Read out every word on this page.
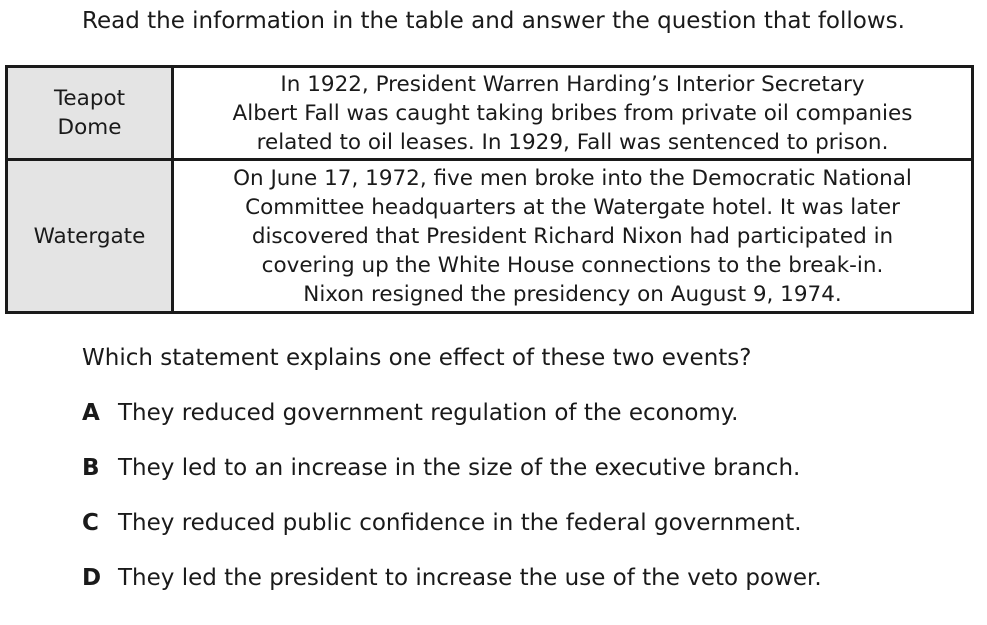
Read the information in the table and answer the question that follows.
Teapot Dome	In 1922, President Warren Harding’s Interior Secretary
Albert Fall was caught taking bribes from private oil companies
related to oil leases. In 1929, Fall was sentenced to prison.

Watergate	On June 17, 1972, five men broke into the Democratic National
Committee headquarters at the Watergate hotel. It was later
discovered that President Richard Nixon had participated in
covering up the White House connections to the break-in.
Nixon resigned the presidency on August 9, 1974.
Which statement explains one effect of these two events?
A They reduced government regulation of the economy.
B They led to an increase in the size of the executive branch.
C They reduced public confidence in the federal government.
D They led the president to increase the use of the veto power.
